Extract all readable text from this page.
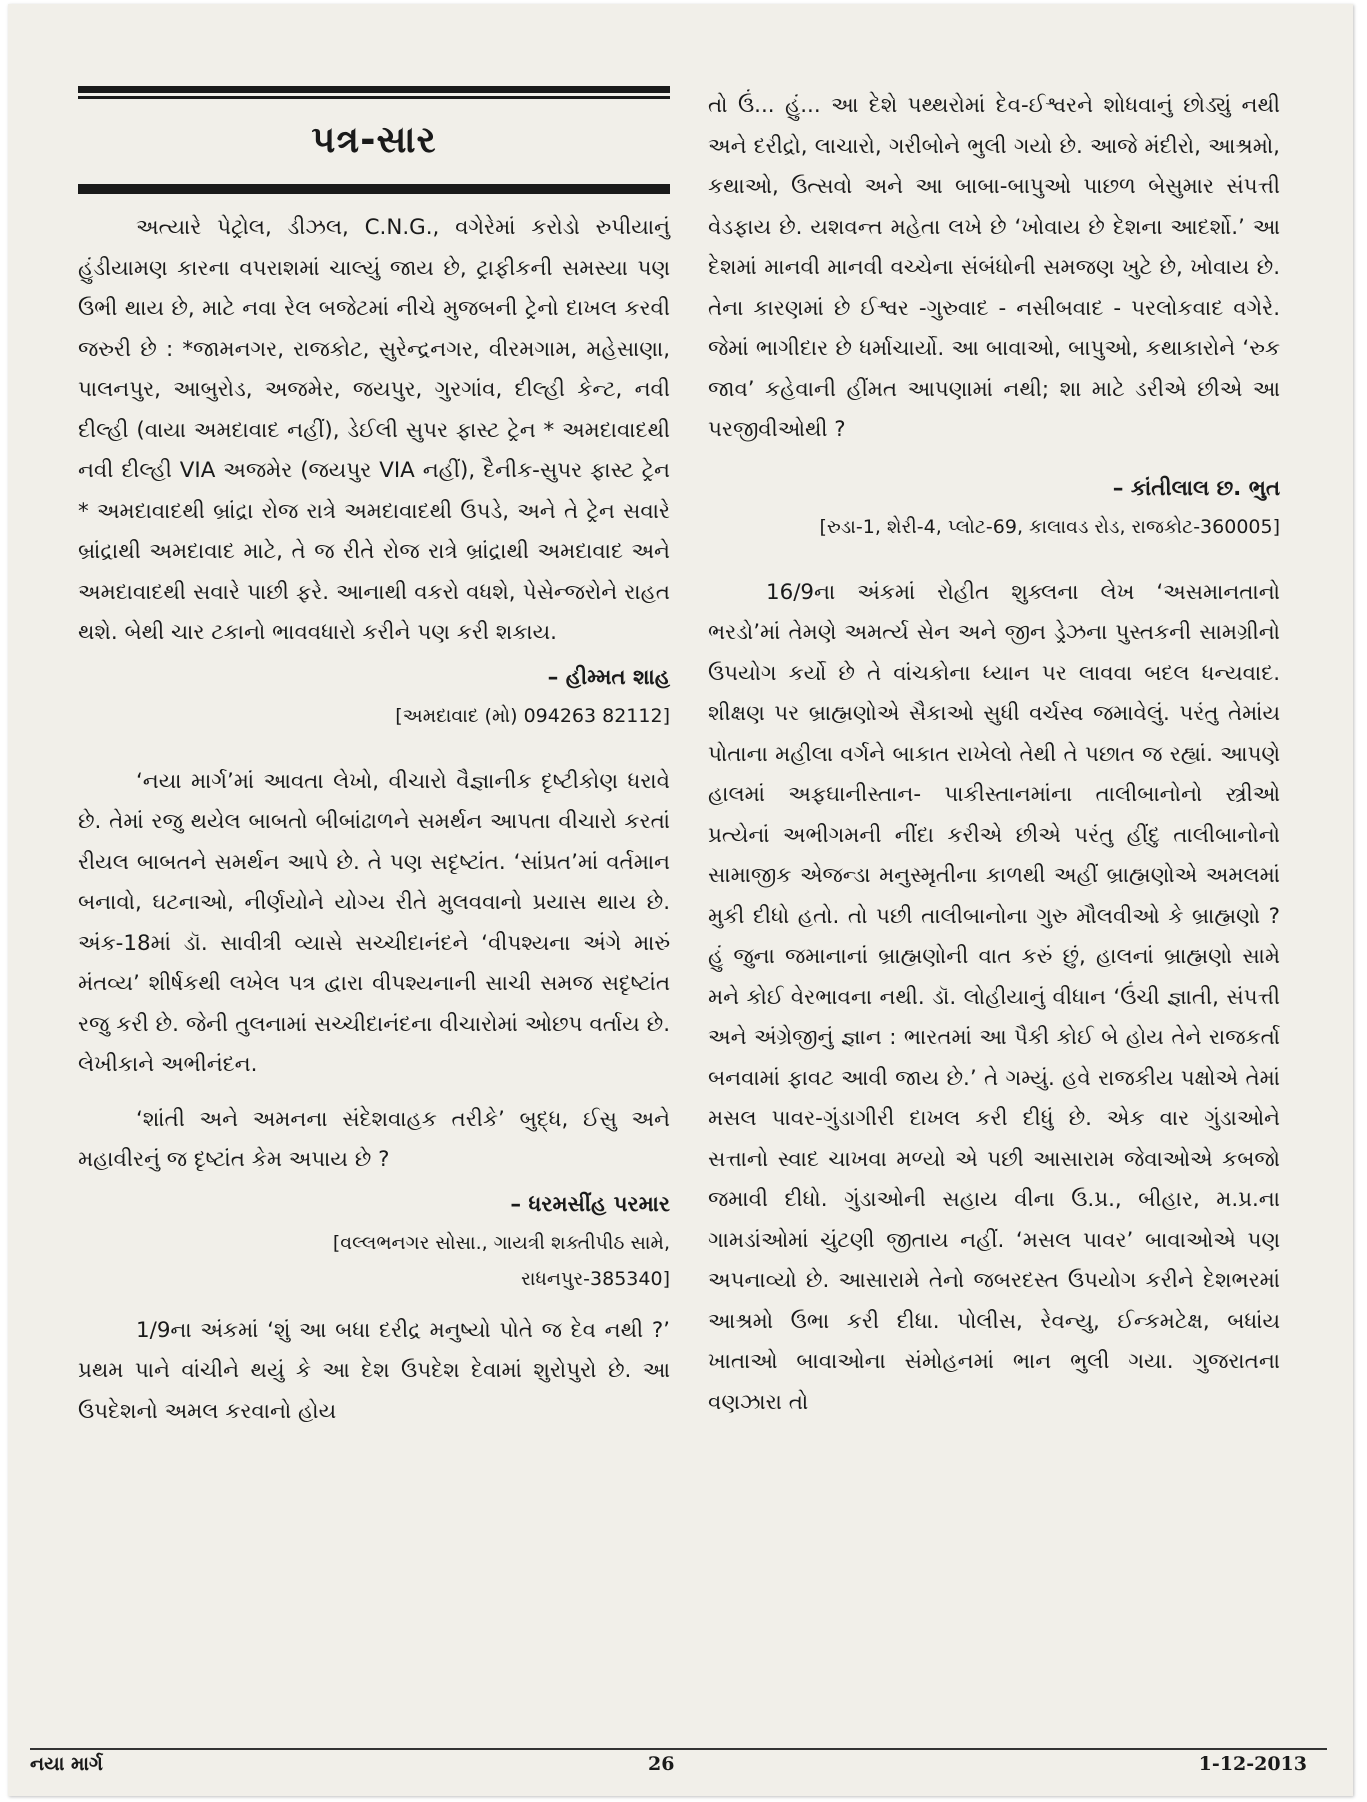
પત્ર-સાર

અત્યારે પેટ્રોલ, ડીઝલ, C.N.G., વગેરેમાં કરોડો રુપીયાનું હુંડીયામણ કારના વપરાશમાં ચાલ્યું જાય છે, ટ્રાફીકની સમસ્યા પણ ઉભી થાય છે, માટે નવા રેલ બજેટમાં નીચે મુજબની ટ્રેનો દાખલ કરવી જરુરી છે : *જામનગર, રાજકોટ, સુરેન્દ્રનગર, વીરમગામ, મહેસાણા, પાલનપુર, આબુરોડ, અજમેર, જયપુર, ગુરગાંવ, દીલ્હી કેન્ટ, નવી દીલ્હી (વાયા અમદાવાદ નહીં), ડેઈલી સુપર ફાસ્ટ ટ્રેન * અમદાવાદથી નવી દીલ્હી VIA અજમેર (જયપુર VIA નહીં), દૈનીક-સુપર ફાસ્ટ ટ્રેન * અમદાવાદથી બ્રાંદ્રા રોજ રાત્રે અમદાવાદથી ઉપડે, અને તે ટ્રેન સવારે બ્રાંદ્રાથી અમદાવાદ માટે, તે જ રીતે રોજ રાત્રે બ્રાંદ્રાથી અમદાવાદ અને અમદાવાદથી સવારે પાછી ફરે. આનાથી વકરો વધશે, પેસેન્જરોને રાહત થશે. બેથી ચાર ટકાનો ભાવવધારો કરીને પણ કરી શકાય.

– હીમ્મત શાહ
[અમદાવાદ (મો) 094263 82112]

‘નયા માર્ગ’માં આવતા લેખો, વીચારો વૈજ્ઞાનીક દૃષ્ટીકોણ ધરાવે છે. તેમાં રજુ થયેલ બાબતો બીબાંઢાળને સમર્થન આપતા વીચારો કરતાં રીયલ બાબતને સમર્થન આપે છે. તે પણ સદૃષ્ટાંત. ‘સાંપ્રત’માં વર્તમાન બનાવો, ઘટનાઓ, નીર્ણયોને યોગ્ય રીતે મુલવવાનો પ્રયાસ થાય છે. અંક-18માં ડૉ. સાવીત્રી વ્યાસે સચ્ચીદાનંદને ‘વીપશ્યના અંગે મારું મંતવ્ય’ શીર્ષકથી લખેલ પત્ર દ્વારા વીપશ્યનાની સાચી સમજ સદૃષ્ટાંત રજુ કરી છે. જેની તુલનામાં સચ્ચીદાનંદના વીચારોમાં ઓછપ વર્તાય છે. લેખીકાને અભીનંદન.

‘શાંતી અને અમનના સંદેશવાહક તરીકે’ બુદ્ધ, ઈસુ અને મહાવીરનું જ દૃષ્ટાંત કેમ અપાય છે ?

– ધરમસીંહ પરમાર
[વલ્લભનગર સોસા., ગાયત્રી શક્તીપીઠ સામે,
રાધનપુર-385340]

1/9ના અંકમાં ‘શું આ બધા દરીદ્ર મનુષ્યો પોતે જ દેવ નથી ?’ પ્રથમ પાને વાંચીને થયું કે આ દેશ ઉપદેશ દેવામાં શુરોપુરો છે. આ ઉપદેશનો અમલ કરવાનો હોય

તો ઉં... હું... આ દેશે પથ્થરોમાં દેવ-ઈશ્વરને શોધવાનું છોડ્યું નથી અને દરીદ્રો, લાચારો, ગરીબોને ભુલી ગયો છે. આજે મંદીરો, આશ્રમો, કથાઓ, ઉત્સવો અને આ બાબા-બાપુઓ પાછળ બેસુમાર સંપત્તી વેડફાય છે. યશવન્ત મહેતા લખે છે ‘ખોવાય છે દેશના આદર્શો.’ આ દેશમાં માનવી માનવી વચ્ચેના સંબંધોની સમજણ ખુટે છે, ખોવાય છે. તેના કારણમાં છે ઈશ્વર -ગુરુવાદ - નસીબવાદ - પરલોકવાદ વગેરે. જેમાં ભાગીદાર છે ધર્માચાર્યો. આ બાવાઓ, બાપુઓ, કથાકારોને ‘રુક જાવ’ કહેવાની હીંમત આપણામાં નથી; શા માટે ડરીએ છીએ આ પરજીવીઓથી ?

– કાંતીલાલ છ. ભુત
[રુડા-1, શેરી-4, પ્લોટ-69, કાલાવડ રોડ, રાજકોટ-360005]

16/9ના અંકમાં રોહીત શુક્લના લેખ ‘અસમાનતાનો ભરડો’માં તેમણે અમર્ત્ય સેન અને જીન ડ્રેઝના પુસ્તકની સામગ્રીનો ઉપયોગ કર્યો છે તે વાંચકોના ધ્યાન પર લાવવા બદલ ધન્યવાદ. શીક્ષણ પર બ્રાહ્મણોએ સૈકાઓ સુધી વર્ચસ્વ જમાવેલું. પરંતુ તેમાંય પોતાના મહીલા વર્ગને બાકાત રાખેલો તેથી તે પછાત જ રહ્યાં. આપણે હાલમાં અફઘાનીસ્તાન- પાકીસ્તાનમાંના તાલીબાનોનો સ્ત્રીઓ પ્રત્યેનાં અભીગમની નીંદા કરીએ છીએ પરંતુ હીંદુ તાલીબાનોનો સામાજીક એજન્ડા મનુસ્મૃતીના કાળથી અહીં બ્રાહ્મણોએ અમલમાં મુકી દીધો હતો. તો પછી તાલીબાનોના ગુરુ મૌલવીઓ કે બ્રાહ્મણો ? હું જુના જમાનાનાં બ્રાહ્મણોની વાત કરું છું, હાલનાં બ્રાહ્મણો સામે મને કોઈ વેરભાવના નથી. ડૉ. લોહીયાનું વીધાન ‘ઉંચી જ્ઞાતી, સંપત્તી અને અંગ્રેજીનું જ્ઞાન : ભારતમાં આ પૈકી કોઈ બે હોય તેને રાજકર્તા બનવામાં ફાવટ આવી જાય છે.’ તે ગમ્યું. હવે રાજકીય પક્ષોએ તેમાં મસલ પાવર-ગુંડાગીરી દાખલ કરી દીધું છે. એક વાર ગુંડાઓને સત્તાનો સ્વાદ ચાખવા મળ્યો એ પછી આસારામ જેવાઓએ કબજો જમાવી દીધો. ગુંડાઓની સહાય વીના ઉ.પ્ર., બીહાર, મ.પ્ર.ના ગામડાંઓમાં ચુંટણી જીતાય નહીં. ‘મસલ પાવર’ બાવાઓએ પણ અપનાવ્યો છે. આસારામે તેનો જબરદસ્ત ઉપયોગ કરીને દેશભરમાં આશ્રમો ઉભા કરી દીધા. પોલીસ, રેવન્યુ, ઈન્કમટેક્ષ, બધાંય ખાતાઓ બાવાઓના સંમોહનમાં ભાન ભુલી ગયા. ગુજરાતના વણઝારા તો

નયા માર્ગ	26	1-12-2013
